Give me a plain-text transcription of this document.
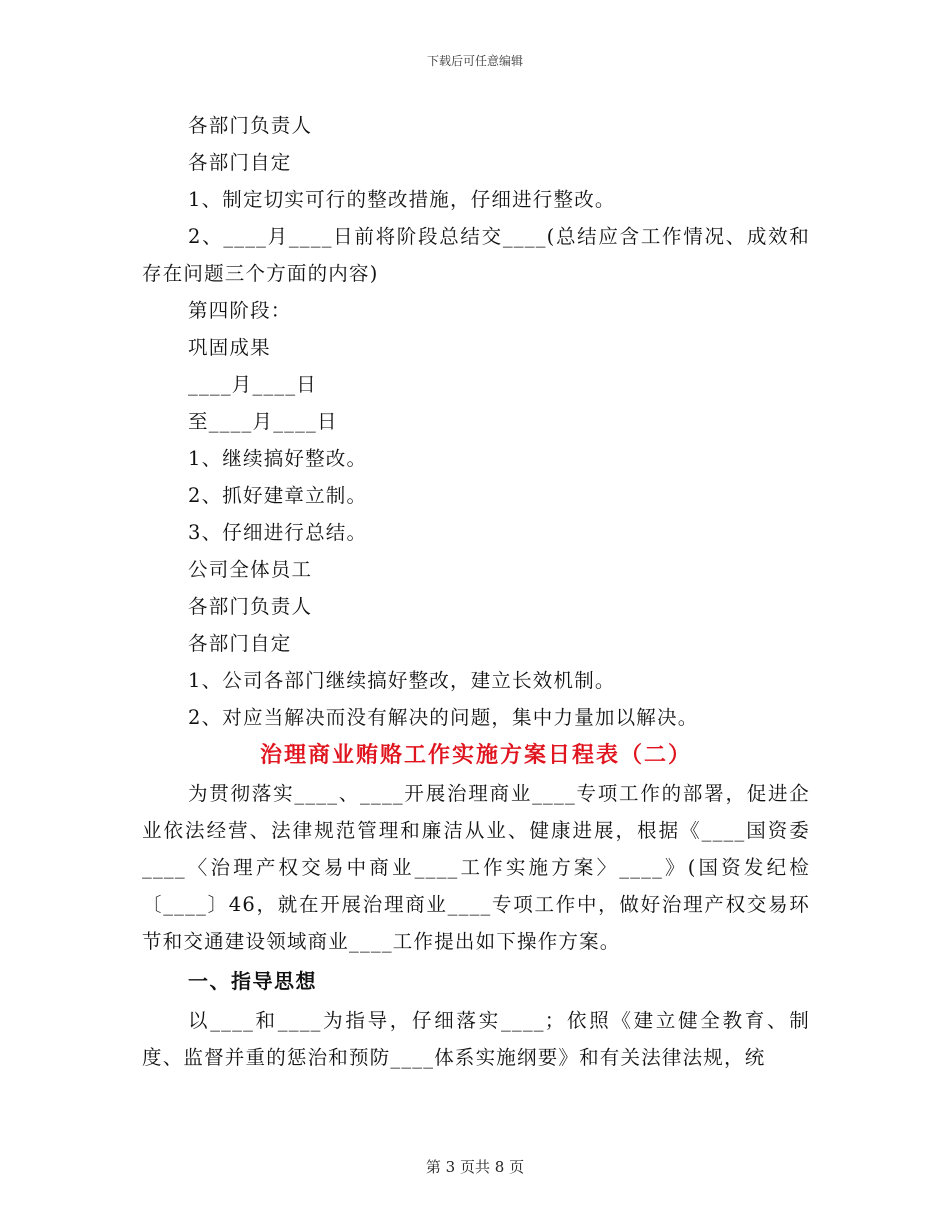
下载后可任意编辑

各部门负责人

各部门自定

1、制定切实可行的整改措施，仔细进行整改。

2、____月____日前将阶段总结交____(总结应含工作情况、成效和存在问题三个方面的内容)

第四阶段：

巩固成果

____月____日

至____月____日

1、继续搞好整改。

2、抓好建章立制。

3、仔细进行总结。

公司全体员工

各部门负责人

各部门自定

1、公司各部门继续搞好整改，建立长效机制。

2、对应当解决而没有解决的问题，集中力量加以解决。

治理商业贿赂工作实施方案日程表（二）

为贯彻落实____、____开展治理商业____专项工作的部署，促进企业依法经营、法律规范管理和廉洁从业、健康进展，根据《____国资委____〈治理产权交易中商业____工作实施方案〉____》(国资发纪检〔____〕46，就在开展治理商业____专项工作中，做好治理产权交易环节和交通建设领域商业____工作提出如下操作方案。

一、指导思想

以____和____为指导，仔细落实____；依照《建立健全教育、制度、监督并重的惩治和预防____体系实施纲要》和有关法律法规，统

第 3 页共 8 页
